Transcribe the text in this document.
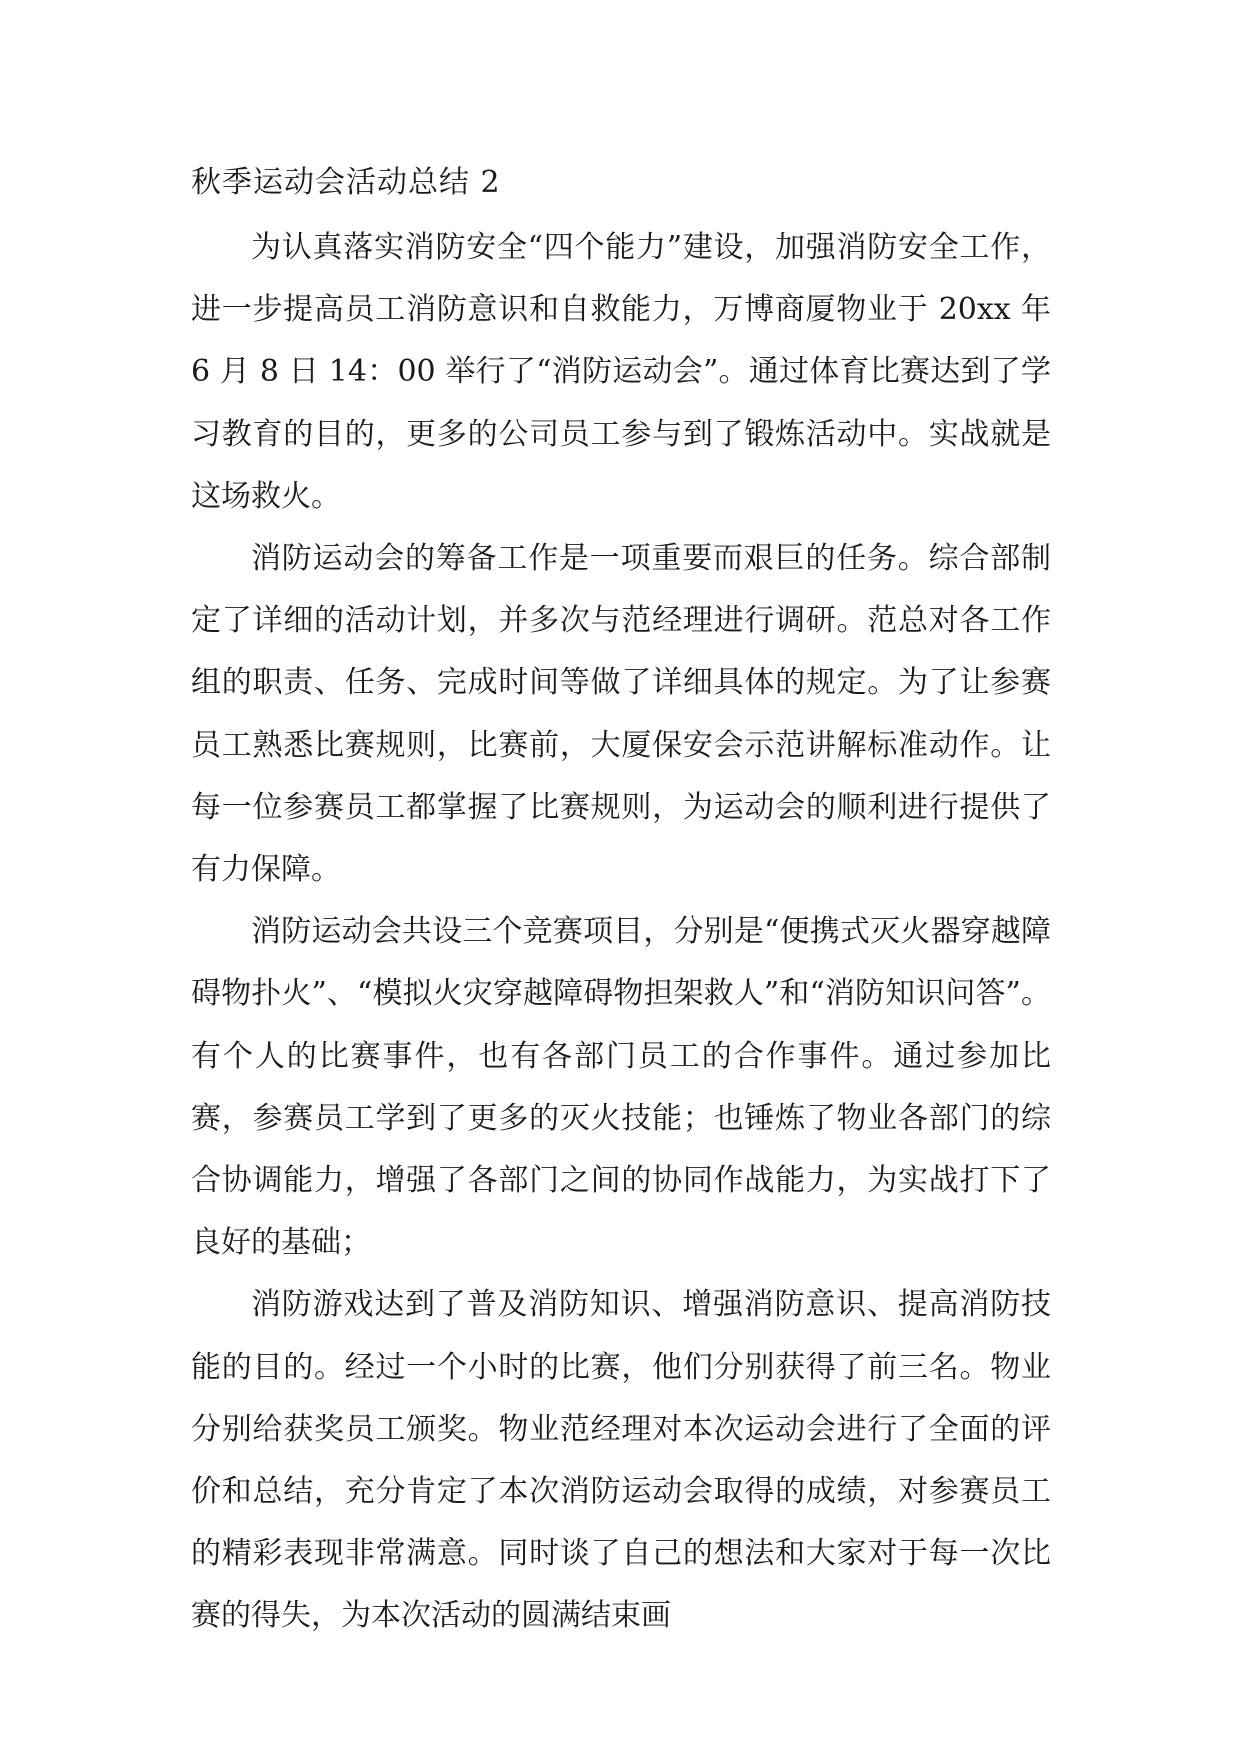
秋季运动会活动总结 2

为认真落实消防安全“四个能力”建设，加强消防安全工作，进一步提高员工消防意识和自救能力，万博商厦物业于 20xx 年 6 月 8 日 14：00 举行了“消防运动会”。通过体育比赛达到了学习教育的目的，更多的公司员工参与到了锻炼活动中。实战就是这场救火。

消防运动会的筹备工作是一项重要而艰巨的任务。综合部制定了详细的活动计划，并多次与范经理进行调研。范总对各工作组的职责、任务、完成时间等做了详细具体的规定。为了让参赛员工熟悉比赛规则，比赛前，大厦保安会示范讲解标准动作。让每一位参赛员工都掌握了比赛规则，为运动会的顺利进行提供了有力保障。

消防运动会共设三个竞赛项目，分别是“便携式灭火器穿越障碍物扑火”、“模拟火灾穿越障碍物担架救人”和“消防知识问答”。有个人的比赛事件，也有各部门员工的合作事件。通过参加比赛，参赛员工学到了更多的灭火技能；也锤炼了物业各部门的综合协调能力，增强了各部门之间的协同作战能力，为实战打下了良好的基础；

消防游戏达到了普及消防知识、增强消防意识、提高消防技能的目的。经过一个小时的比赛，他们分别获得了前三名。物业分别给获奖员工颁奖。物业范经理对本次运动会进行了全面的评价和总结，充分肯定了本次消防运动会取得的成绩，对参赛员工的精彩表现非常满意。同时谈了自己的想法和大家对于每一次比赛的得失，为本次活动的圆满结束画
